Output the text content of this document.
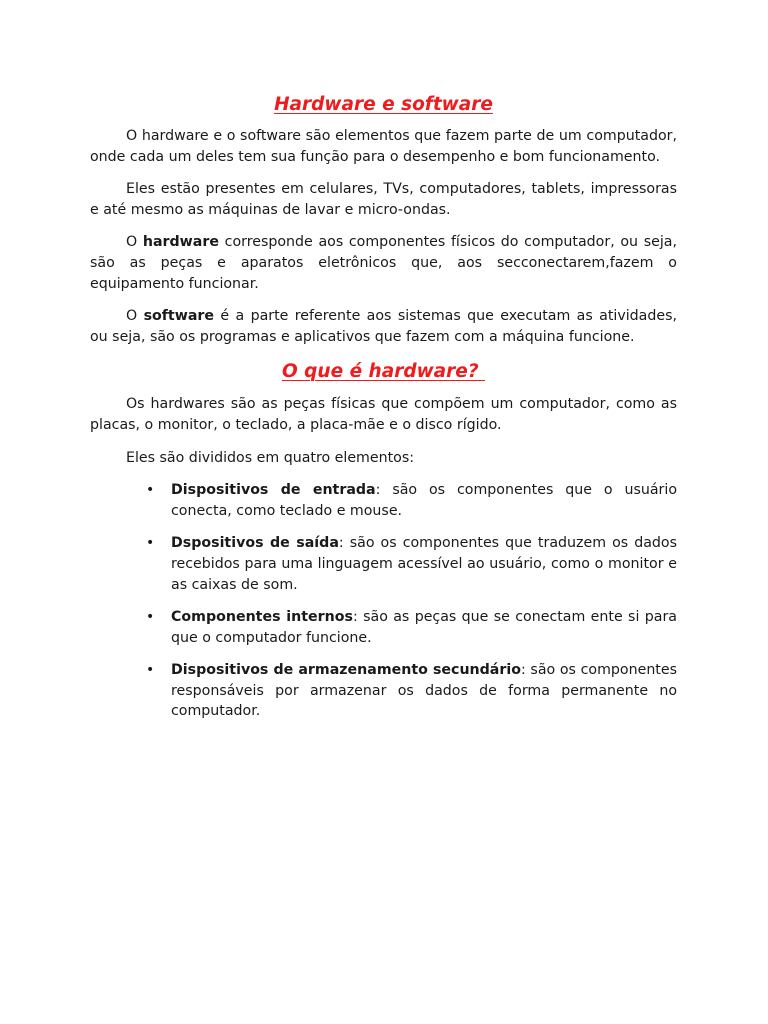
Hardware e software

O hardware e o software são elementos que fazem parte de um computador, onde cada um deles tem sua função para o desempenho e bom funcionamento.

Eles estão presentes em celulares, TVs, computadores, tablets, impressoras e até mesmo as máquinas de lavar e micro-ondas.

O hardware corresponde aos componentes físicos do computador, ou seja, são as peças e aparatos eletrônicos que, aos secconectarem,fazem o equipamento funcionar.

O software é a parte referente aos sistemas que executam as atividades, ou seja, são os programas e aplicativos que fazem com a máquina funcione.

O que é hardware?

Os hardwares são as peças físicas que compõem um computador, como as placas, o monitor, o teclado, a placa-mãe e o disco rígido.

Eles são divididos em quatro elementos:

• Dispositivos de entrada: são os componentes que o usuário conecta, como teclado e mouse.
• Dspositivos de saída: são os componentes que traduzem os dados recebidos para uma linguagem acessível ao usuário, como o monitor e as caixas de som.
• Componentes internos: são as peças que se conectam ente si para que o computador funcione.
• Dispositivos de armazenamento secundário: são os componentes responsáveis por armazenar os dados de forma permanente no computador.
